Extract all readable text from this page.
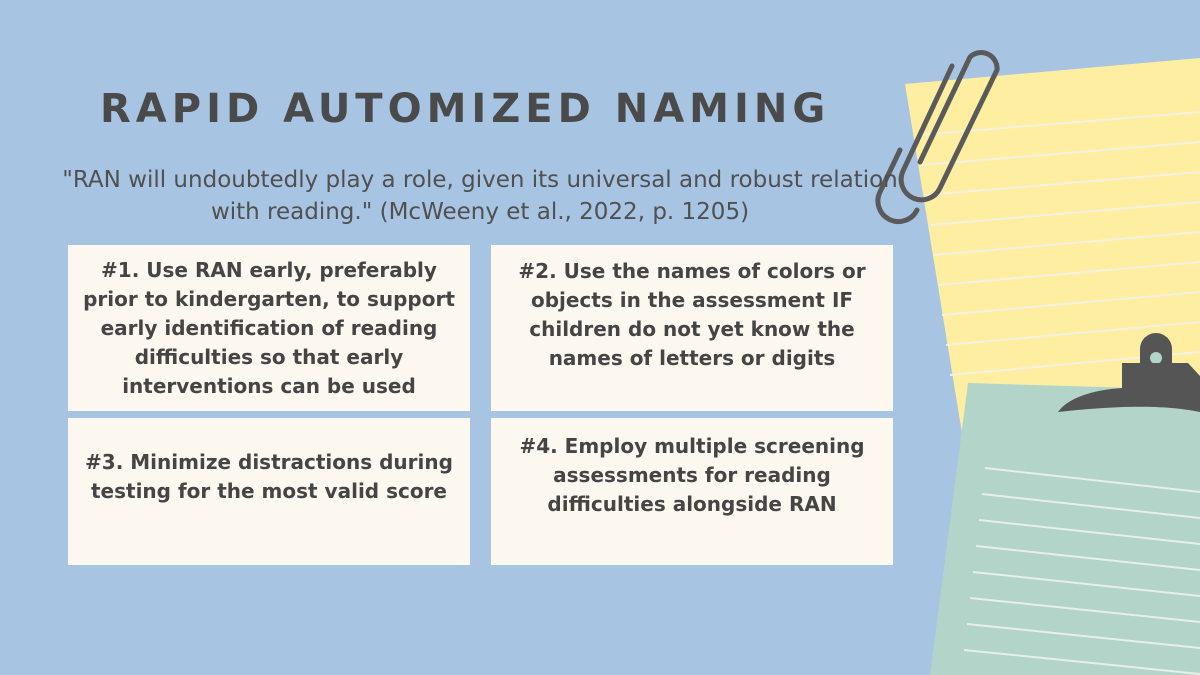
RAPID AUTOMIZED NAMING
"RAN will undoubtedly play a role, given its universal and robust relation with reading." (McWeeny et al., 2022, p. 1205)
#1. Use RAN early, preferably prior to kindergarten, to support early identification of reading difficulties so that early interventions can be used
#2. Use the names of colors or objects in the assessment IF children do not yet know the names of letters or digits
#3. Minimize distractions during testing for the most valid score
#4. Employ multiple screening assessments for reading difficulties alongside RAN
